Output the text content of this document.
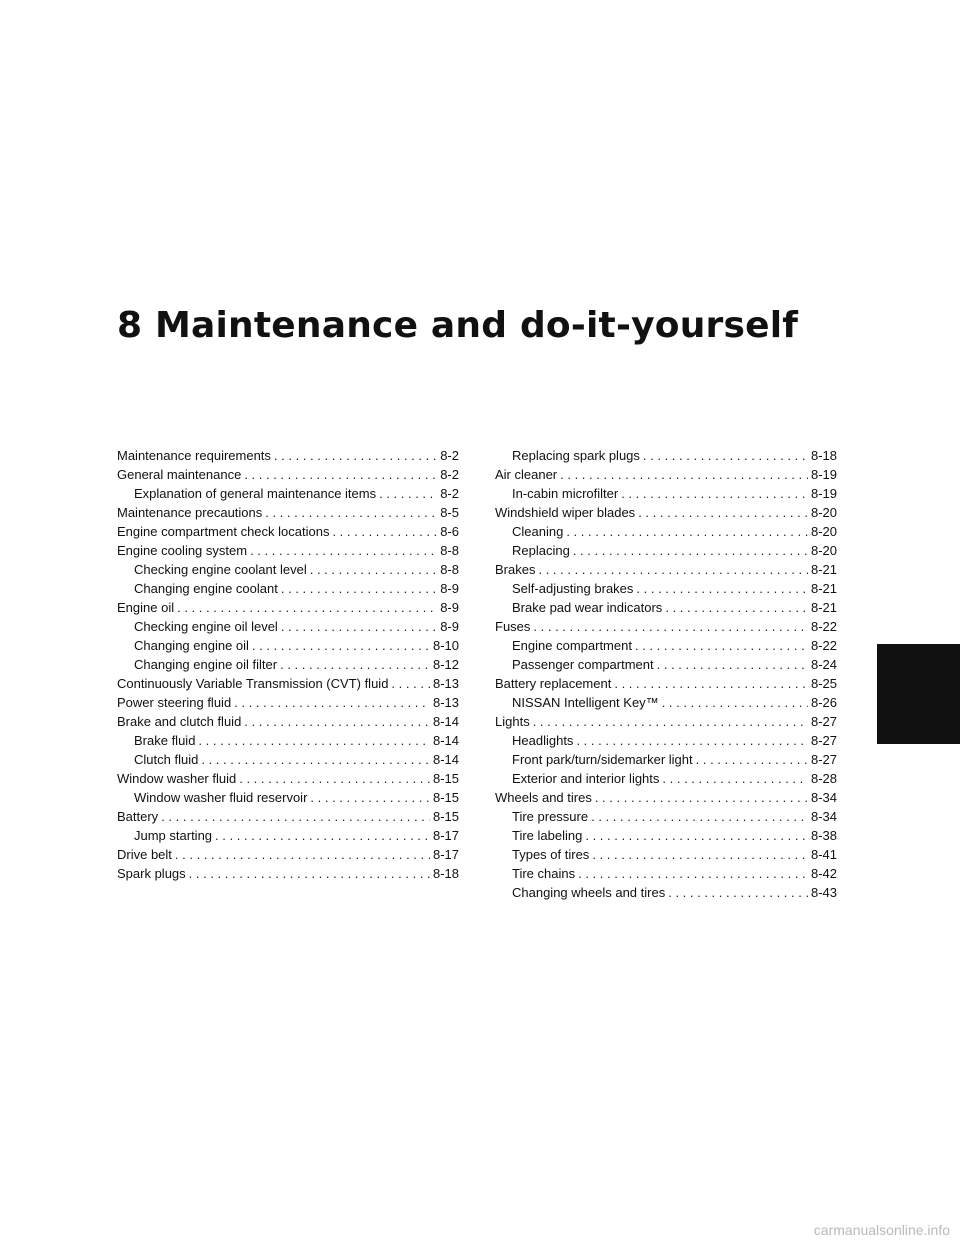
8 Maintenance and do-it-yourself
Maintenance requirements . . .	8-2
General maintenance . . .	8-2
Explanation of general maintenance items . . .	8-2
Maintenance precautions . . .	8-5
Engine compartment check locations . . .	8-6
Engine cooling system . . .	8-8
Checking engine coolant level . . .	8-8
Changing engine coolant . . .	8-9
Engine oil . . .	8-9
Checking engine oil level . . .	8-9
Changing engine oil . . .	8-10
Changing engine oil filter . . .	8-12
Continuously Variable Transmission (CVT) fluid . . .	8-13
Power steering fluid . . .	8-13
Brake and clutch fluid . . .	8-14
Brake fluid . . .	8-14
Clutch fluid . . .	8-14
Window washer fluid . . .	8-15
Window washer fluid reservoir . . .	8-15
Battery . . .	8-15
Jump starting . . .	8-17
Drive belt . . .	8-17
Spark plugs . . .	8-18
Replacing spark plugs . . .	8-18
Air cleaner . . .	8-19
In-cabin microfilter . . .	8-19
Windshield wiper blades . . .	8-20
Cleaning . . .	8-20
Replacing . . .	8-20
Brakes . . .	8-21
Self-adjusting brakes . . .	8-21
Brake pad wear indicators . . .	8-21
Fuses . . .	8-22
Engine compartment . . .	8-22
Passenger compartment . . .	8-24
Battery replacement . . .	8-25
NISSAN Intelligent Key™ . . .	8-26
Lights . . .	8-27
Headlights . . .	8-27
Front park/turn/sidemarker light . . .	8-27
Exterior and interior lights . . .	8-28
Wheels and tires . . .	8-34
Tire pressure . . .	8-34
Tire labeling . . .	8-38
Types of tires . . .	8-41
Tire chains . . .	8-42
Changing wheels and tires . . .	8-43
carmanualsonline.info
